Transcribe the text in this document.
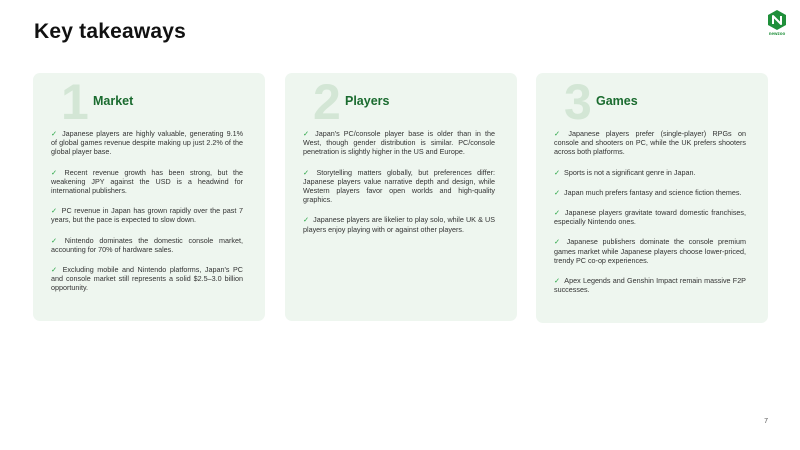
Key takeaways	newzoo
1 Market
✓ Japanese players are highly valuable, generating 9.1% of global games revenue despite making up just 2.2% of the global player base.
✓ Recent revenue growth has been strong, but the weakening JPY against the USD is a headwind for international publishers.
✓ PC revenue in Japan has grown rapidly over the past 7 years, but the pace is expected to slow down.
✓ Nintendo dominates the domestic console market, accounting for 70% of hardware sales.
✓ Excluding mobile and Nintendo platforms, Japan's PC and console market still represents a solid $2.5–3.0 billion opportunity.
2 Players
✓ Japan's PC/console player base is older than in the West, though gender distribution is similar. PC/console penetration is slightly higher in the US and Europe.
✓ Storytelling matters globally, but preferences differ: Japanese players value narrative depth and design, while Western players favor open worlds and high-quality graphics.
✓ Japanese players are likelier to play solo, while UK & US players enjoy playing with or against other players.
3 Games
✓ Japanese players prefer (single-player) RPGs on console and shooters on PC, while the UK prefers shooters across both platforms.
✓ Sports is not a significant genre in Japan.
✓ Japan much prefers fantasy and science fiction themes.
✓ Japanese players gravitate toward domestic franchises, especially Nintendo ones.
✓ Japanese publishers dominate the console premium games market while Japanese players choose lower-priced, trendy PC co-op experiences.
✓ Apex Legends and Genshin Impact remain massive F2P successes.
7
